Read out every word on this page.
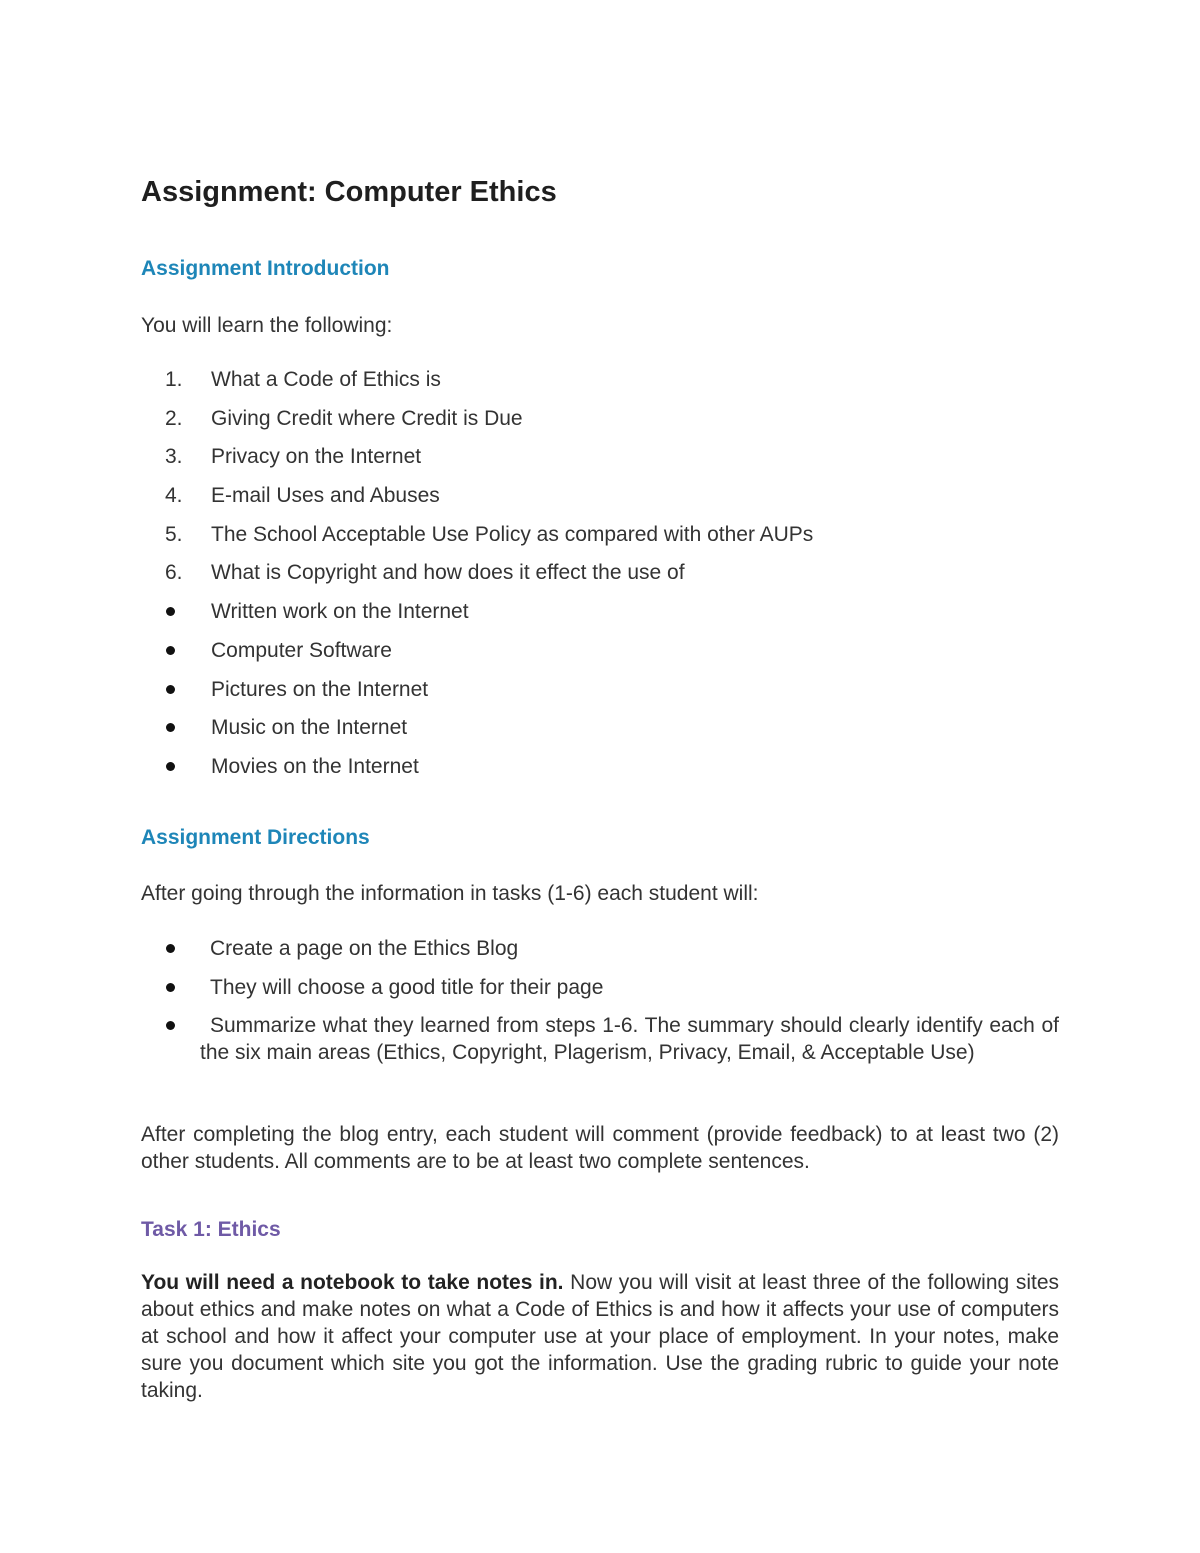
Assignment: Computer Ethics
Assignment Introduction

You will learn the following:

1. What a Code of Ethics is
2. Giving Credit where Credit is Due
3. Privacy on the Internet
4. E-mail Uses and Abuses
5. The School Acceptable Use Policy as compared with other AUPs
6. What is Copyright and how does it effect the use of
Written work on the Internet
Computer Software
Pictures on the Internet
Music on the Internet
Movies on the Internet
Assignment Directions

After going through the information in tasks (1-6) each student will:

Create a page on the Ethics Blog
They will choose a good title for their page
Summarize what they learned from steps 1-6. The summary should clearly identify each of the six main areas (Ethics, Copyright, Plagerism, Privacy, Email, & Acceptable Use)

After completing the blog entry, each student will comment (provide feedback) to at least two (2) other students. All comments are to be at least two complete sentences.

Task 1: Ethics

You will need a notebook to take notes in. Now you will visit at least three of the following sites about ethics and make notes on what a Code of Ethics is and how it affects your use of computers at school and how it affect your computer use at your place of employment. In your notes, make sure you document which site you got the information. Use the grading rubric to guide your note taking.
